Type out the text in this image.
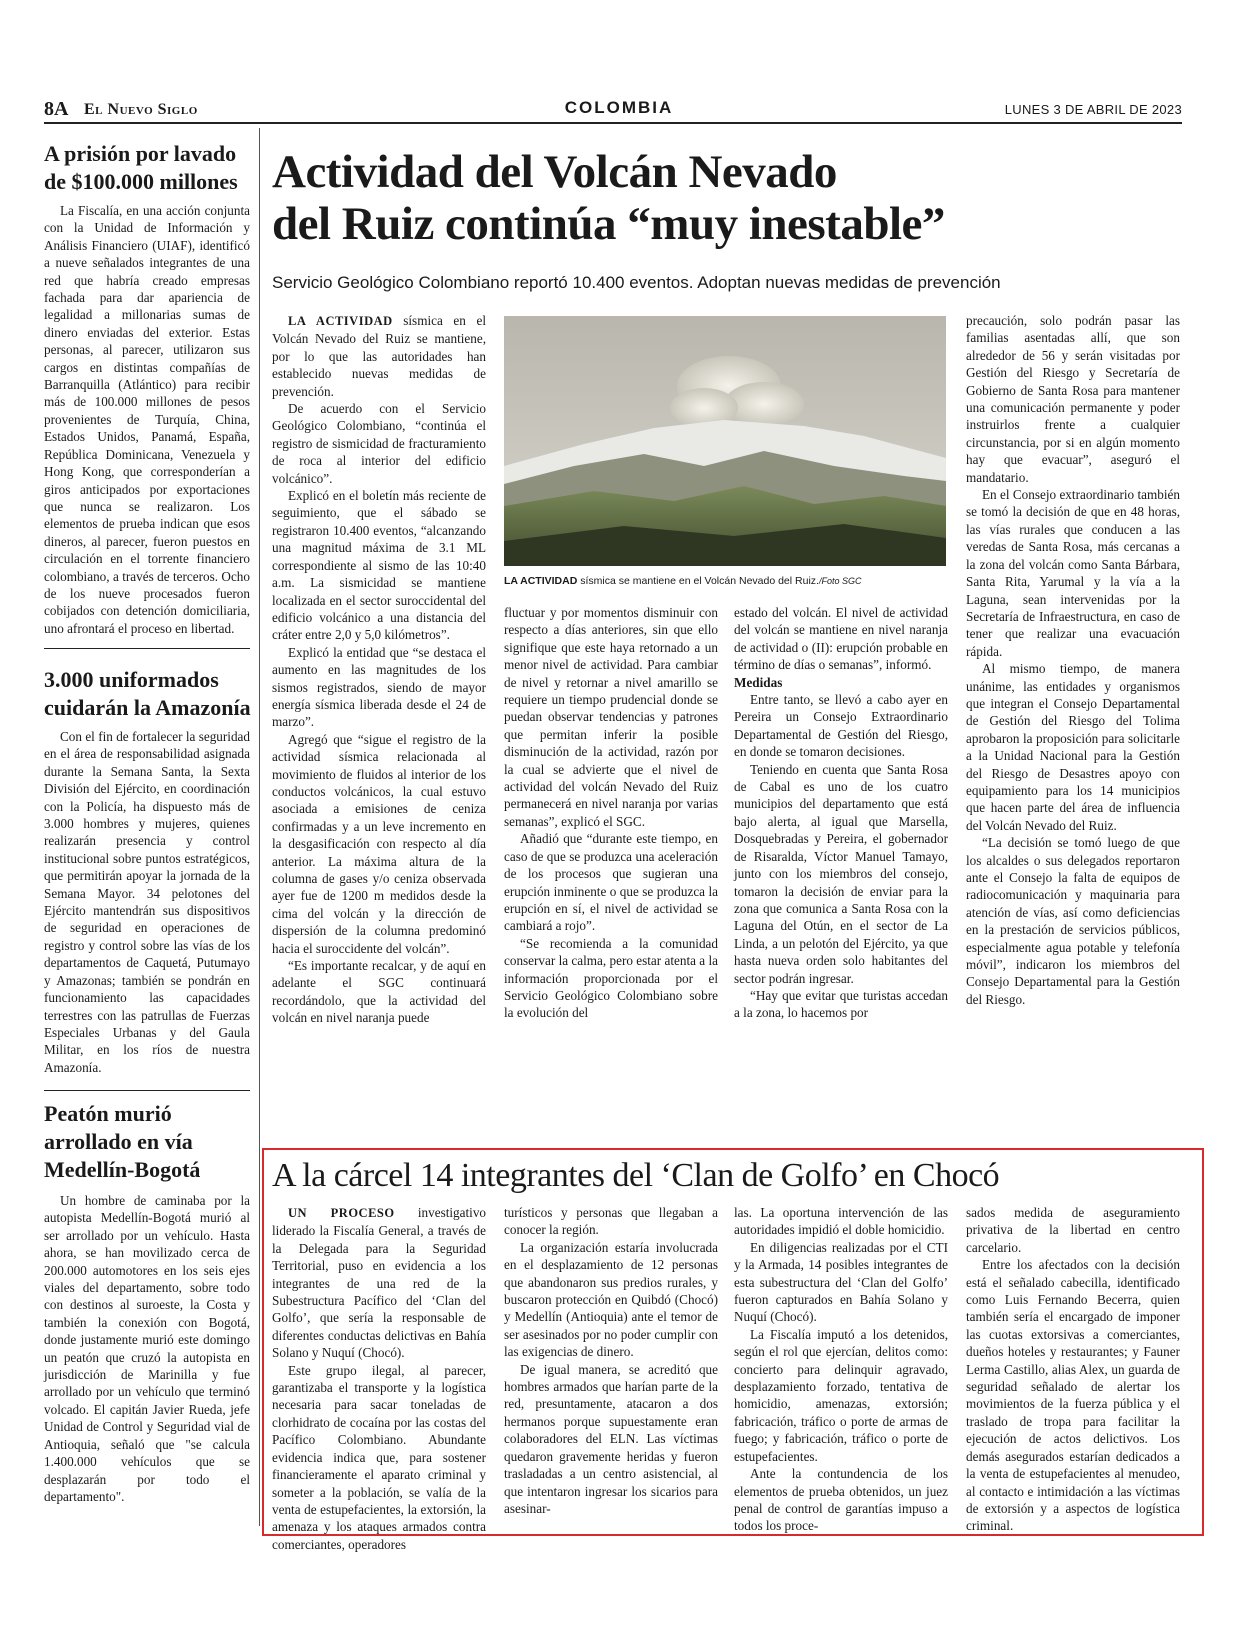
8A El Nuevo Siglo	COLOMBIA	LUNES 3 DE ABRIL DE 2023
A prisión por lavado de $100.000 millones

La Fiscalía, en una acción conjunta con la Unidad de Información y Análisis Financiero (UIAF), identificó a nueve señalados integrantes de una red que habría creado empresas fachada para dar apariencia de legalidad a millonarias sumas de dinero enviadas del exterior. Estas personas, al parecer, utilizaron sus cargos en distintas compañías de Barranquilla (Atlántico) para recibir más de 100.000 millones de pesos provenientes de Turquía, China, Estados Unidos, Panamá, España, República Dominicana, Venezuela y Hong Kong, que corresponderían a giros anticipados por exportaciones que nunca se realizaron. Los elementos de prueba indican que esos dineros, al parecer, fueron puestos en circulación en el torrente financiero colombiano, a través de terceros. Ocho de los nueve procesados fueron cobijados con detención domiciliaria, uno afrontará el proceso en libertad.

3.000 uniformados cuidarán la Amazonía

Con el fin de fortalecer la seguridad en el área de responsabilidad asignada durante la Semana Santa, la Sexta División del Ejército, en coordinación con la Policía, ha dispuesto más de 3.000 hombres y mujeres, quienes realizarán presencia y control institucional sobre puntos estratégicos, que permitirán apoyar la jornada de la Semana Mayor. 34 pelotones del Ejército mantendrán sus dispositivos de seguridad en operaciones de registro y control sobre las vías de los departamentos de Caquetá, Putumayo y Amazonas; también se pondrán en funcionamiento las capacidades terrestres con las patrullas de Fuerzas Especiales Urbanas y del Gaula Militar, en los ríos de nuestra Amazonía.

Peatón murió arrollado en vía Medellín-Bogotá

Un hombre de caminaba por la autopista Medellín-Bogotá murió al ser arrollado por un vehículo. Hasta ahora, se han movilizado cerca de 200.000 automotores en los seis ejes viales del departamento, sobre todo con destinos al suroeste, la Costa y también la conexión con Bogotá, donde justamente murió este domingo un peatón que cruzó la autopista en jurisdicción de Marinilla y fue arrollado por un vehículo que terminó volcado. El capitán Javier Rueda, jefe Unidad de Control y Seguridad vial de Antioquia, señaló que "se calcula 1.400.000 vehículos que se desplazarán por todo el departamento".

Actividad del Volcán Nevado
del Ruiz continúa “muy inestable”
Servicio Geológico Colombiano reportó 10.400 eventos. Adoptan nuevas medidas de prevención

LA ACTIVIDAD sísmica en el Volcán Nevado del Ruiz se mantiene, por lo que las autoridades han establecido nuevas medidas de prevención.

De acuerdo con el Servicio Geológico Colombiano, “continúa el registro de sismicidad de fracturamiento de roca al interior del edificio volcánico”.

Explicó en el boletín más reciente de seguimiento, que el sábado se registraron 10.400 eventos, “alcanzando una magnitud máxima de 3.1 ML correspondiente al sismo de las 10:40 a.m. La sismicidad se mantiene localizada en el sector suroccidental del edificio volcánico a una distancia del cráter entre 2,0 y 5,0 kilómetros”.

Explicó la entidad que “se destaca el aumento en las magnitudes de los sismos registrados, siendo de mayor energía sísmica liberada desde el 24 de marzo”.

Agregó que “sigue el registro de la actividad sísmica relacionada al movimiento de fluidos al interior de los conductos volcánicos, la cual estuvo asociada a emisiones de ceniza confirmadas y a un leve incremento en la desgasificación con respecto al día anterior. La máxima altura de la columna de gases y/o ceniza observada ayer fue de 1200 m medidos desde la cima del volcán y la dirección de dispersión de la columna predominó hacia el suroccidente del volcán”.

“Es importante recalcar, y de aquí en adelante el SGC continuará recordándolo, que la actividad del volcán en nivel naranja puede

LA ACTIVIDAD sísmica se mantiene en el Volcán Nevado del Ruiz./Foto SGC

fluctuar y por momentos disminuir con respecto a días anteriores, sin que ello signifique que este haya retornado a un menor nivel de actividad. Para cambiar de nivel y retornar a nivel amarillo se requiere un tiempo prudencial donde se puedan observar tendencias y patrones que permitan inferir la posible disminución de la actividad, razón por la cual se advierte que el nivel de actividad del volcán Nevado del Ruiz permanecerá en nivel naranja por varias semanas”, explicó el SGC.

Añadió que “durante este tiempo, en caso de que se produzca una aceleración de los procesos que sugieran una erupción inminente o que se produzca la erupción en sí, el nivel de actividad se cambiará a rojo”.

“Se recomienda a la comunidad conservar la calma, pero estar atenta a la información proporcionada por el Servicio Geológico Colombiano sobre la evolución del

estado del volcán. El nivel de actividad del volcán se mantiene en nivel naranja de actividad o (II): erupción probable en término de días o semanas”, informó.

Medidas

Entre tanto, se llevó a cabo ayer en Pereira un Consejo Extraordinario Departamental de Gestión del Riesgo, en donde se tomaron decisiones.

Teniendo en cuenta que Santa Rosa de Cabal es uno de los cuatro municipios del departamento que está bajo alerta, al igual que Marsella, Dosquebradas y Pereira, el gobernador de Risaralda, Víctor Manuel Tamayo, junto con los miembros del consejo, tomaron la decisión de enviar para la zona que comunica a Santa Rosa con la Laguna del Otún, en el sector de La Linda, a un pelotón del Ejército, ya que hasta nueva orden solo habitantes del sector podrán ingresar.

“Hay que evitar que turistas accedan a la zona, lo hacemos por

precaución, solo podrán pasar las familias asentadas allí, que son alrededor de 56 y serán visitadas por Gestión del Riesgo y Secretaría de Gobierno de Santa Rosa para mantener una comunicación permanente y poder instruirlos frente a cualquier circunstancia, por si en algún momento hay que evacuar”, aseguró el mandatario.

En el Consejo extraordinario también se tomó la decisión de que en 48 horas, las vías rurales que conducen a las veredas de Santa Rosa, más cercanas a la zona del volcán como Santa Bárbara, Santa Rita, Yarumal y la vía a la Laguna, sean intervenidas por la Secretaría de Infraestructura, en caso de tener que realizar una evacuación rápida.

Al mismo tiempo, de manera unánime, las entidades y organismos que integran el Consejo Departamental de Gestión del Riesgo del Tolima aprobaron la proposición para solicitarle a la Unidad Nacional para la Gestión del Riesgo de Desastres apoyo con equipamiento para los 14 municipios que hacen parte del área de influencia del Volcán Nevado del Ruiz.

“La decisión se tomó luego de que los alcaldes o sus delegados reportaron ante el Consejo la falta de equipos de radiocomunicación y maquinaria para atención de vías, así como deficiencias en la prestación de servicios públicos, especialmente agua potable y telefonía móvil”, indicaron los miembros del Consejo Departamental para la Gestión del Riesgo.

A la cárcel 14 integrantes del ‘Clan de Golfo’ en Chocó

UN PROCESO investigativo liderado la Fiscalía General, a través de la Delegada para la Seguridad Territorial, puso en evidencia a los integrantes de una red de la Subestructura Pacífico del ‘Clan del Golfo’, que sería la responsable de diferentes conductas delictivas en Bahía Solano y Nuquí (Chocó).

Este grupo ilegal, al parecer, garantizaba el transporte y la logística necesaria para sacar toneladas de clorhidrato de cocaína por las costas del Pacífico Colombiano. Abundante evidencia indica que, para sostener financieramente el aparato criminal y someter a la población, se valía de la venta de estupefacientes, la extorsión, la amenaza y los ataques armados contra comerciantes, operadores

turísticos y personas que llegaban a conocer la región.

La organización estaría involucrada en el desplazamiento de 12 personas que abandonaron sus predios rurales, y buscaron protección en Quibdó (Chocó) y Medellín (Antioquia) ante el temor de ser asesinados por no poder cumplir con las exigencias de dinero.

De igual manera, se acreditó que hombres armados que harían parte de la red, presuntamente, atacaron a dos hermanos porque supuestamente eran colaboradores del ELN. Las víctimas quedaron gravemente heridas y fueron trasladadas a un centro asistencial, al que intentaron ingresar los sicarios para asesinar-

las. La oportuna intervención de las autoridades impidió el doble homicidio.

En diligencias realizadas por el CTI y la Armada, 14 posibles integrantes de esta subestructura del ‘Clan del Golfo’ fueron capturados en Bahía Solano y Nuquí (Chocó).

La Fiscalía imputó a los detenidos, según el rol que ejercían, delitos como: concierto para delinquir agravado, desplazamiento forzado, tentativa de homicidio, amenazas, extorsión; fabricación, tráfico o porte de armas de fuego; y fabricación, tráfico o porte de estupefacientes.

Ante la contundencia de los elementos de prueba obtenidos, un juez penal de control de garantías impuso a todos los proce-

sados medida de aseguramiento privativa de la libertad en centro carcelario.

Entre los afectados con la decisión está el señalado cabecilla, identificado como Luis Fernando Becerra, quien también sería el encargado de imponer las cuotas extorsivas a comerciantes, dueños hoteles y restaurantes; y Fauner Lerma Castillo, alias Alex, un guarda de seguridad señalado de alertar los movimientos de la fuerza pública y el traslado de tropa para facilitar la ejecución de actos delictivos. Los demás asegurados estarían dedicados a la venta de estupefacientes al menudeo, al contacto e intimidación a las víctimas de extorsión y a aspectos de logística criminal.
